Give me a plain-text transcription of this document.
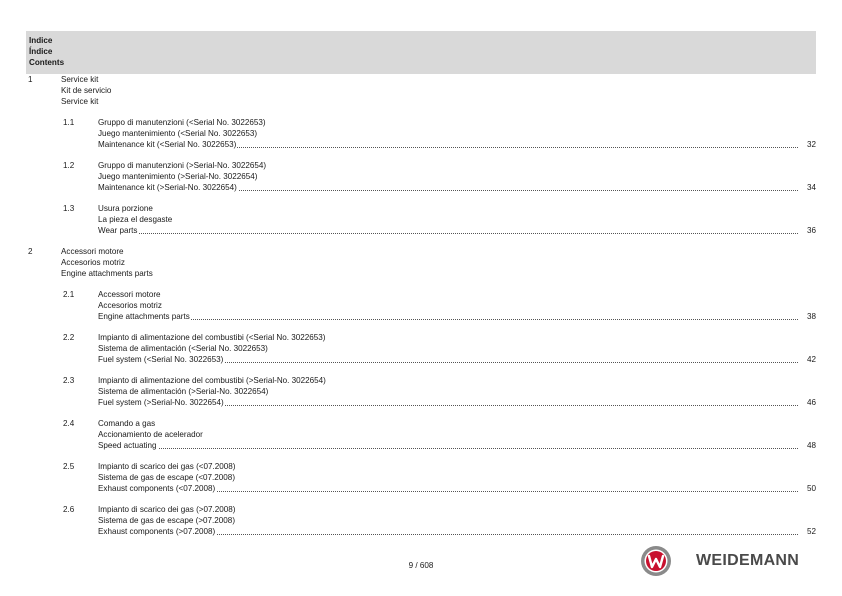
Indice
Índice
Contents
1	Service kit
Kit de servicio
Service kit
1.1	Gruppo di manutenzioni (<Serial No. 3022653)
Juego mantenimiento (<Serial No. 3022653)
Maintenance kit (<Serial No. 3022653)	32
1.2	Gruppo di manutenzioni (>Serial-No. 3022654)
Juego mantenimiento (>Serial-No. 3022654)
Maintenance kit (>Serial-No. 3022654)	34
1.3	Usura porzione
La pieza el desgaste
Wear parts	36
2	Accessori motore
Accesorios motriz
Engine attachments parts
2.1	Accessori motore
Accesorios motriz
Engine attachments parts	38
2.2	Impianto di alimentazione del combustibi (<Serial No. 3022653)
Sistema de alimentación (<Serial No. 3022653)
Fuel system (<Serial No. 3022653)	42
2.3	Impianto di alimentazione del combustibi (>Serial-No. 3022654)
Sistema de alimentación (>Serial-No. 3022654)
Fuel system (>Serial-No. 3022654)	46
2.4	Comando a gas
Accionamiento de acelerador
Speed actuating	48
2.5	Impianto di scarico dei gas (<07.2008)
Sistema de gas de escape (<07.2008)
Exhaust components (<07.2008)	50
2.6	Impianto di scarico dei gas (>07.2008)
Sistema de gas de escape (>07.2008)
Exhaust components (>07.2008)	52
9 / 608	WEIDEMANN
